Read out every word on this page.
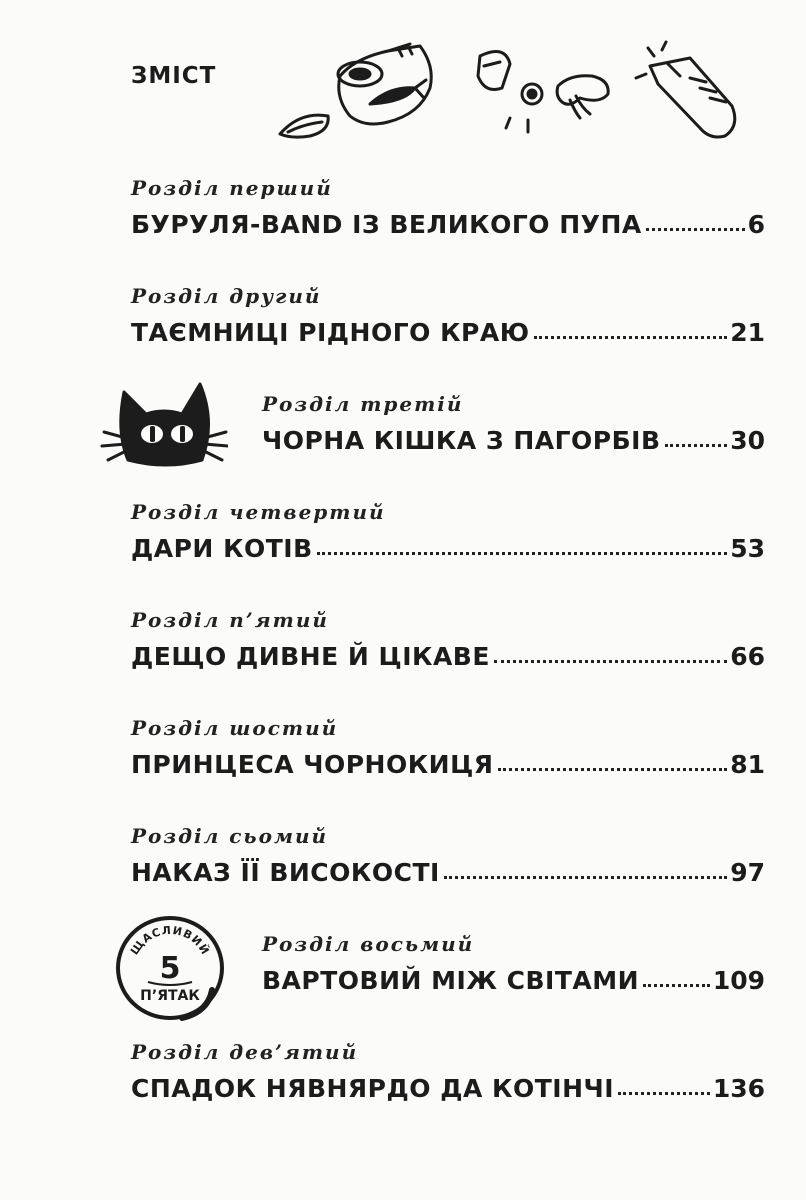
ЗМІСТ
Розділ перший
БУРУЛЯ-BAND ІЗ ВЕЛИКОГО ПУПА	6
Розділ другий
ТАЄМНИЦІ РІДНОГО КРАЮ	21
Розділ третій
ЧОРНА КІШКА З ПАГОРБІВ	30
Розділ четвертий
ДАРИ КОТІВ	53
Розділ п’ятий
ДЕЩО ДИВНЕ Й ЦІКАВЕ	66
Розділ шостий
ПРИНЦЕСА ЧОРНОКИЦЯ	81
Розділ сьомий
НАКАЗ ЇЇ ВИСОКОСТІ	97
ЩАСЛИВИЙ
5
П’ЯТАК
Розділ восьмий
ВАРТОВИЙ МІЖ СВІТАМИ	109
Розділ дев’ятий
СПАДОК НЯВНЯРДО ДА КОТІНЧІ	136
